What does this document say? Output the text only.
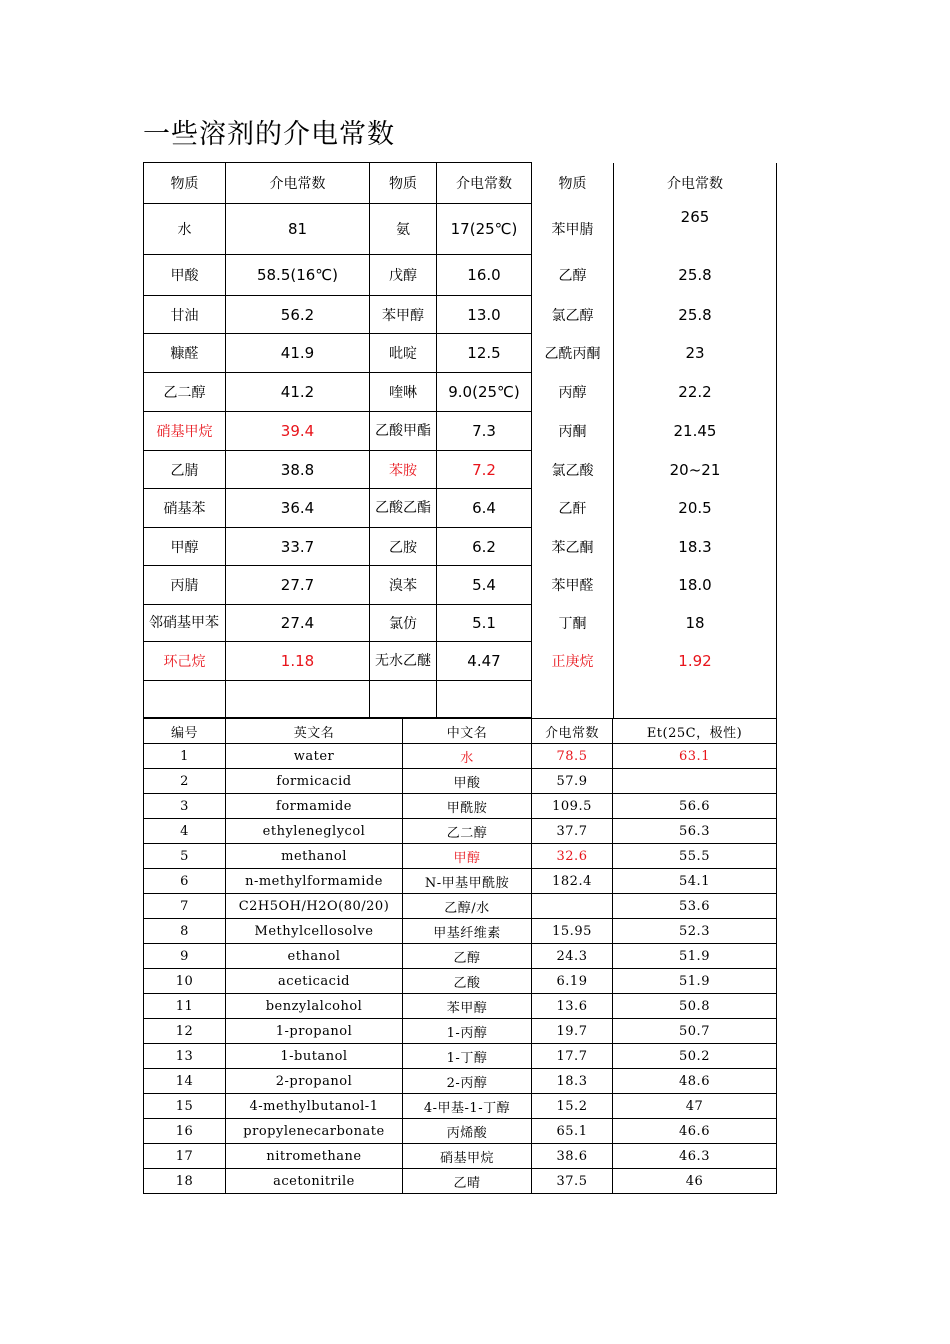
一些溶剂的介电常数
物质	介电常数	物质	介电常数	物质	介电常数
水	81	氨	17(25℃)	苯甲腈	265
甲酸	58.5(16℃)	戊醇	16.0	乙醇	25.8
甘油	56.2	苯甲醇	13.0	氯乙醇	25.8
糠醛	41.9	吡啶	12.5	乙酰丙酮	23
乙二醇	41.2	喹啉	9.0(25℃)	丙醇	22.2
硝基甲烷	39.4	乙酸甲酯	7.3	丙酮	21.45
乙腈	38.8	苯胺	7.2	氯乙酸	20~21
硝基苯	36.4	乙酸乙酯	6.4	乙酐	20.5
甲醇	33.7	乙胺	6.2	苯乙酮	18.3
丙腈	27.7	溴苯	5.4	苯甲醛	18.0
邻硝基甲苯	27.4	氯仿	5.1	丁酮	18
环己烷	1.18	无水乙醚	4.47	正庚烷	1.92

编号	英文名	中文名	介电常数	Et(25C，极性)
1	water	水	78.5	63.1
2	formicacid	甲酸	57.9	
3	formamide	甲酰胺	109.5	56.6
4	ethyleneglycol	乙二醇	37.7	56.3
5	methanol	甲醇	32.6	55.5
6	n-methylformamide	N-甲基甲酰胺	182.4	54.1
7	C2H5OH/H2O(80/20)	乙醇/水		53.6
8	Methylcellosolve	甲基纤维素	15.95	52.3
9	ethanol	乙醇	24.3	51.9
10	aceticacid	乙酸	6.19	51.9
11	benzylalcohol	苯甲醇	13.6	50.8
12	1-propanol	1-丙醇	19.7	50.7
13	1-butanol	1-丁醇	17.7	50.2
14	2-propanol	2-丙醇	18.3	48.6
15	4-methylbutanol-1	4-甲基-1-丁醇	15.2	47
16	propylenecarbonate	丙烯酸	65.1	46.6
17	nitromethane	硝基甲烷	38.6	46.3
18	acetonitrile	乙晴	37.5	46
